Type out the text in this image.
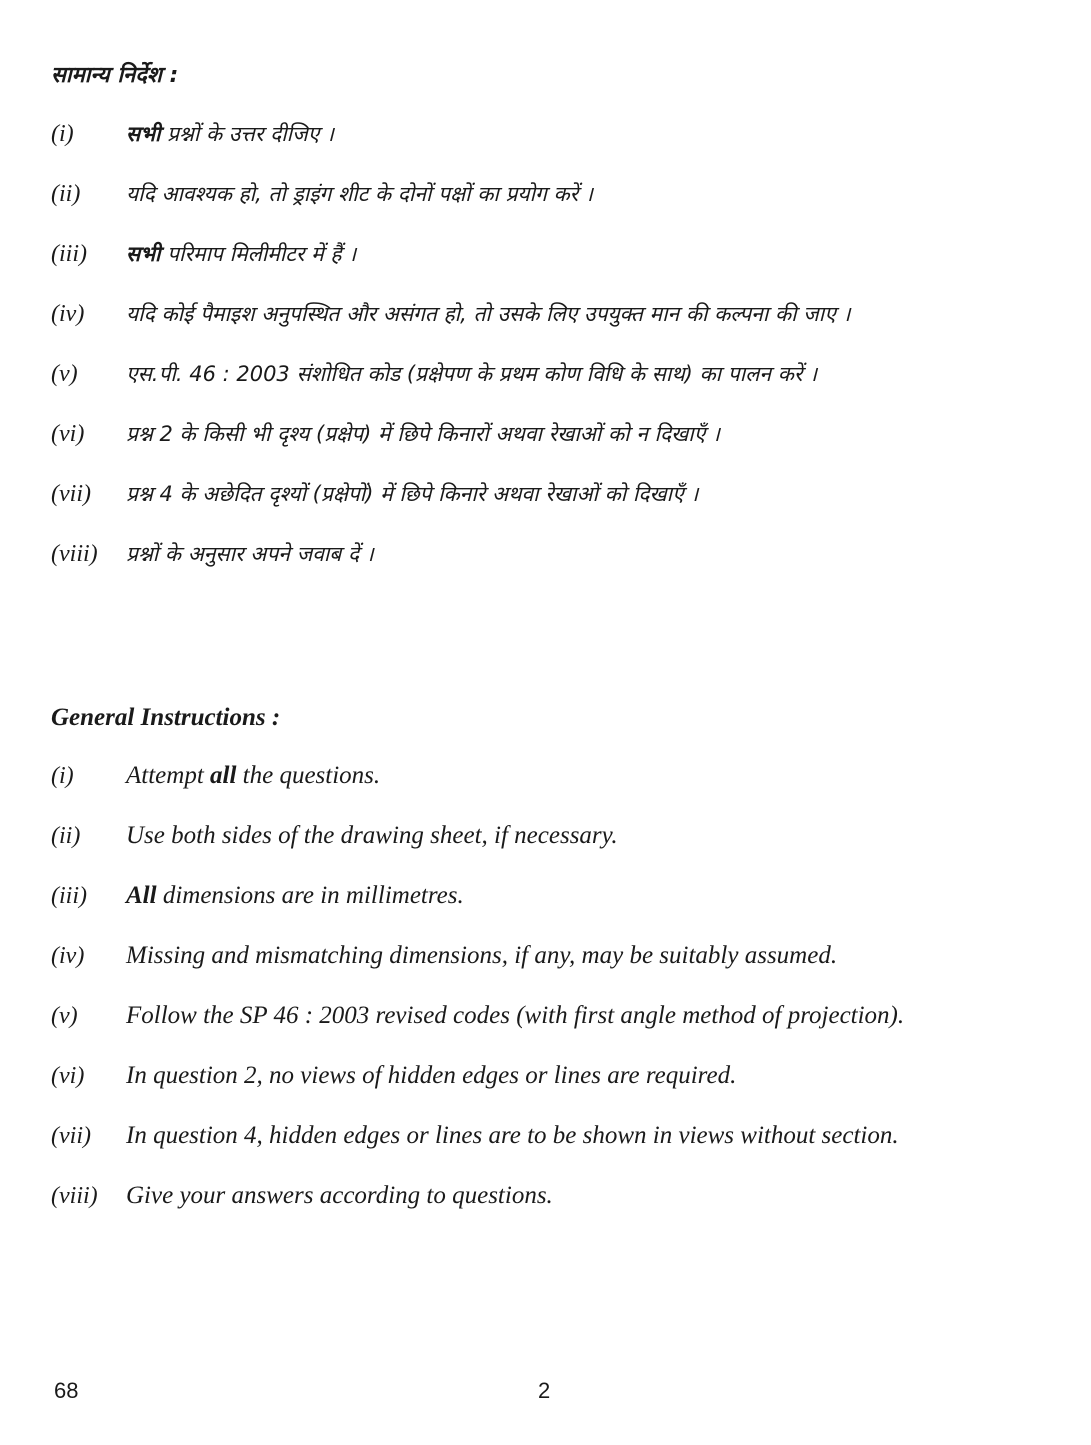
सामान्य निर्देश :
(i)	सभी प्रश्नों के उत्तर दीजिए ।
(ii)	यदि आवश्यक हो, तो ड्राइंग शीट के दोनों पक्षों का प्रयोग करें ।
(iii)	सभी परिमाप मिलीमीटर में हैं ।
(iv)	यदि कोई पैमाइश अनुपस्थित और असंगत हो, तो उसके लिए उपयुक्त मान की कल्पना की जाए ।
(v)	एस.पी. 46 : 2003 संशोधित कोड (प्रक्षेपण के प्रथम कोण विधि के साथ) का पालन करें ।
(vi)	प्रश्न 2 के किसी भी दृश्य (प्रक्षेप) में छिपे किनारों अथवा रेखाओं को न दिखाएँ ।
(vii)	प्रश्न 4 के अछेदित दृश्यों (प्रक्षेपों) में छिपे किनारे अथवा रेखाओं को दिखाएँ ।
(viii)	प्रश्नों के अनुसार अपने जवाब दें ।
General Instructions :
(i)	Attempt all the questions.
(ii)	Use both sides of the drawing sheet, if necessary.
(iii)	All dimensions are in millimetres.
(iv)	Missing and mismatching dimensions, if any, may be suitably assumed.
(v)	Follow the SP 46 : 2003 revised codes (with first angle method of projection).
(vi)	In question 2, no views of hidden edges or lines are required.
(vii)	In question 4, hidden edges or lines are to be shown in views without section.
(viii)	Give your answers according to questions.
68	2
